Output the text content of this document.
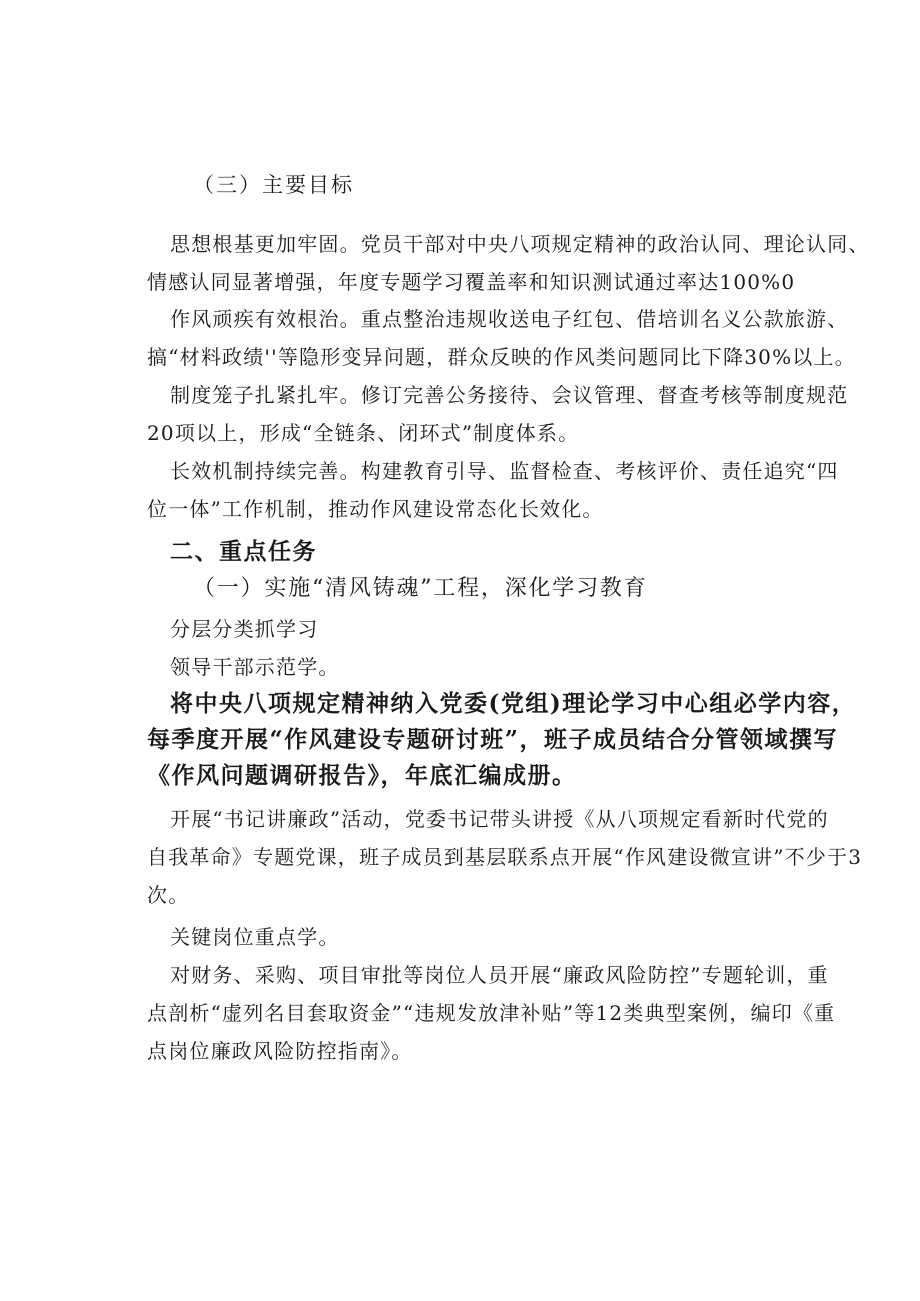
（三）主要目标
思想根基更加牢固。党员干部对中央八项规定精神的政治认同、理论认同、
情感认同显著增强，年度专题学习覆盖率和知识测试通过率达100%0
作风顽疾有效根治。重点整治违规收送电子红包、借培训名义公款旅游、
搞“材料政绩''等隐形变异问题，群众反映的作风类问题同比下降30%以上。
制度笼子扎紧扎牢。修订完善公务接待、会议管理、督查考核等制度规范
20项以上，形成“全链条、闭环式”制度体系。
长效机制持续完善。构建教育引导、监督检查、考核评价、责任追究“四
位一体”工作机制，推动作风建设常态化长效化。
二、重点任务
（一）实施“清风铸魂”工程，深化学习教育
分层分类抓学习
领导干部示范学。
将中央八项规定精神纳入党委(党组)理论学习中心组必学内容，
每季度开展“作风建设专题研讨班”，班子成员结合分管领域撰写
《作风问题调研报告》，年底汇编成册。
开展“书记讲廉政”活动，党委书记带头讲授《从八项规定看新时代党的
自我革命》专题党课，班子成员到基层联系点开展“作风建设微宣讲”不少于3
次。
关键岗位重点学。
对财务、采购、项目审批等岗位人员开展“廉政风险防控”专题轮训，重
点剖析“虚列名目套取资金”“违规发放津补贴”等12类典型案例，编印《重
点岗位廉政风险防控指南》。
